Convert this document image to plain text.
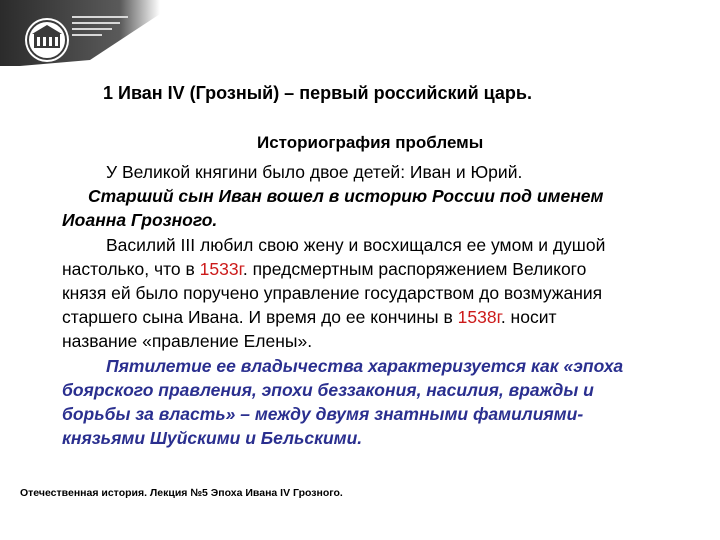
1 Иван IV (Грозный) – первый российский царь.

Историография проблемы

У Великой княгини было двое детей: Иван и Юрий.
Старший сын Иван вошел в историю России под именем
Иоанна Грозного.
Василий III любил свою жену и восхищался ее умом и душой
настолько, что в 1533г. предсмертным распоряжением Великого
князя ей было поручено управление государством до возмужания
старшего сына Ивана. И время до ее кончины в 1538г. носит
название «правление Елены».
Пятилетие ее владычества характеризуется как «эпоха
боярского правления, эпохи беззакония, насилия, вражды и
борьбы за власть» – между двумя знатными фамилиями-
князьями Шуйскими и Бельскими.

Отечественная история. Лекция №5 Эпоха Ивана IV Грозного.
